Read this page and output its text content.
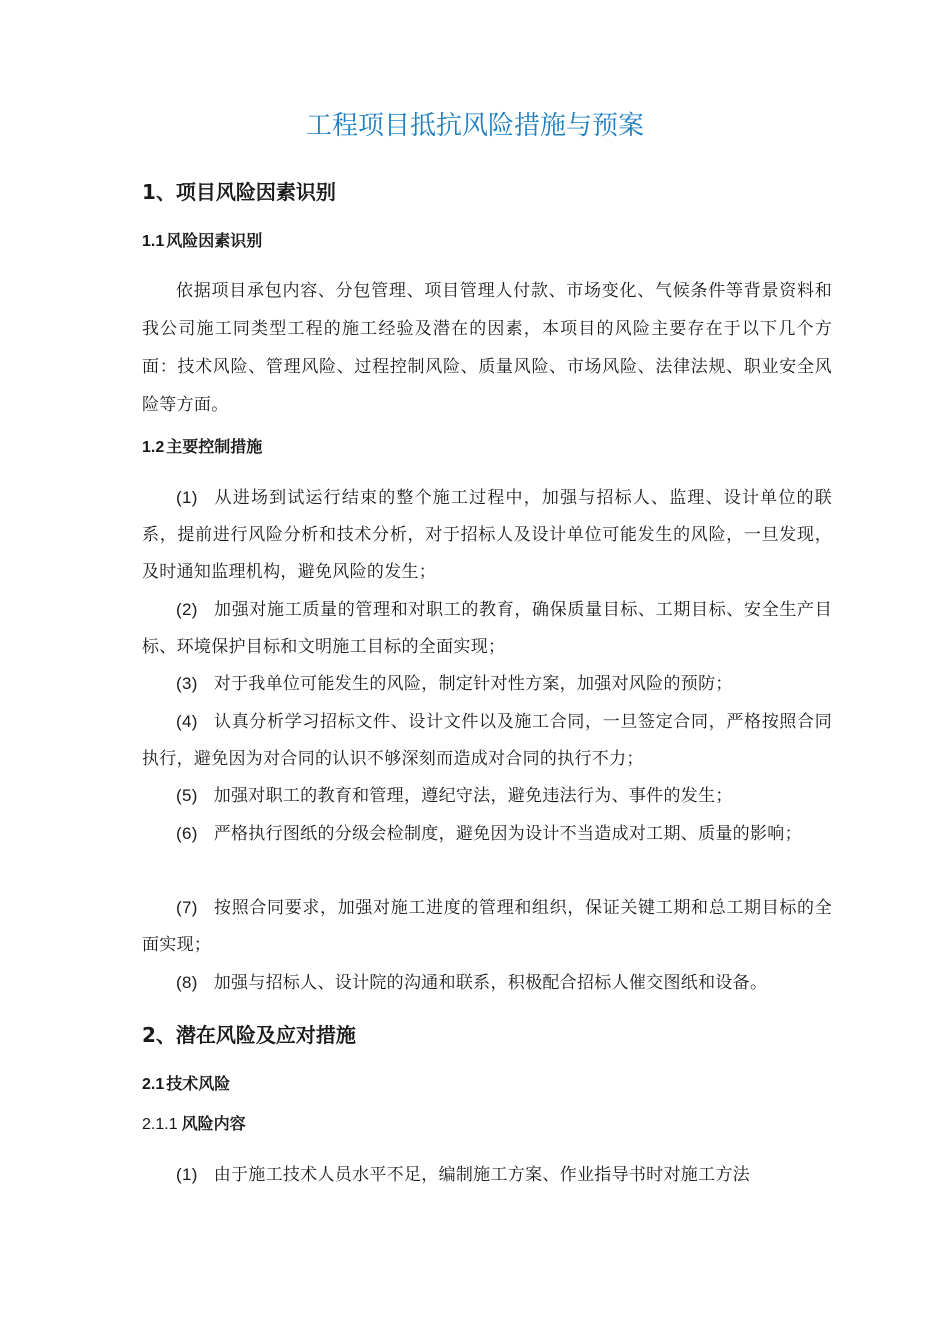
工程项目抵抗风险措施与预案
1、项目风险因素识别
1.1 风险因素识别

依据项目承包内容、分包管理、项目管理人付款、市场变化、气候条件等背景资料和我公司施工同类型工程的施工经验及潜在的因素，本项目的风险主要存在于以下几个方面：技术风险、管理风险、过程控制风险、质量风险、市场风险、法律法规、职业安全风险等方面。

1.2 主要控制措施

(1) 从进场到试运行结束的整个施工过程中，加强与招标人、监理、设计单位的联系，提前进行风险分析和技术分析，对于招标人及设计单位可能发生的风险，一旦发现，及时通知监理机构，避免风险的发生；

(2) 加强对施工质量的管理和对职工的教育，确保质量目标、工期目标、安全生产目标、环境保护目标和文明施工目标的全面实现；

(3) 对于我单位可能发生的风险，制定针对性方案，加强对风险的预防；

(4) 认真分析学习招标文件、设计文件以及施工合同，一旦签定合同，严格按照合同执行，避免因为对合同的认识不够深刻而造成对合同的执行不力；

(5) 加强对职工的教育和管理，遵纪守法，避免违法行为、事件的发生；

(6) 严格执行图纸的分级会检制度，避免因为设计不当造成对工期、质量的影响；

(7) 按照合同要求，加强对施工进度的管理和组织，保证关键工期和总工期目标的全面实现；

(8) 加强与招标人、设计院的沟通和联系，积极配合招标人催交图纸和设备。

2、潜在风险及应对措施
2.1 技术风险
2.1.1 风险内容

(1) 由于施工技术人员水平不足，编制施工方案、作业指导书时对施工方法
